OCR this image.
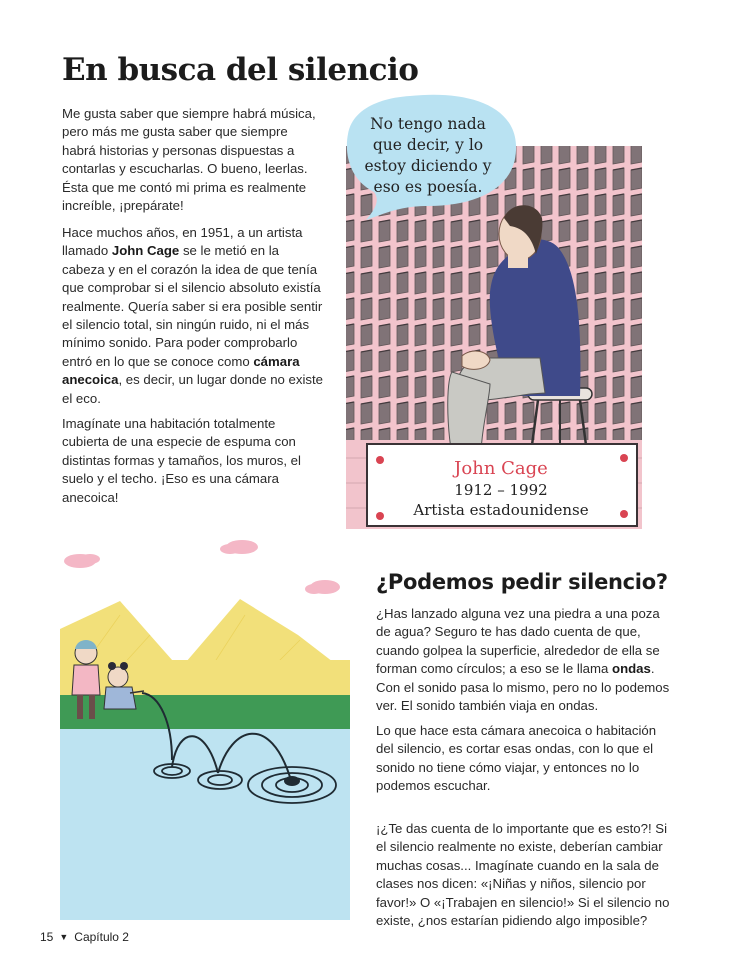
En busca del silencio

Me gusta saber que siempre habrá música, pero más me gusta saber que siempre habrá historias y personas dispuestas a contarlas y escucharlas. O bueno, leerlas. Ésta que me contó mi prima es realmente increíble, ¡prepárate!

Hace muchos años, en 1951, a un artista llamado John Cage se le metió en la cabeza y en el corazón la idea de que tenía que comprobar si el silencio absoluto existía realmente. Quería saber si era posible sentir el silencio total, sin ningún ruido, ni el más mínimo sonido. Para poder comprobarlo entró en lo que se conoce como cámara anecoica, es decir, un lugar donde no existe el eco.

Imagínate una habitación totalmente cubierta de una especie de espuma con distintas formas y tamaños, los muros, el suelo y el techo. ¡Eso es una cámara anecoica!

No tengo nada que decir, y lo estoy diciendo y eso es poesía.
John Cage
1912 – 1992
Artista estadounidense
¿Podemos pedir silencio?

¿Has lanzado alguna vez una piedra a una poza de agua? Seguro te has dado cuenta de que, cuando golpea la superficie, alrededor de ella se forman como círculos; a eso se le llama ondas. Con el sonido pasa lo mismo, pero no lo podemos ver. El sonido también viaja en ondas.

Lo que hace esta cámara anecoica o habitación del silencio, es cortar esas ondas, con lo que el sonido no tiene cómo viajar, y entonces no lo podemos escuchar.

¡¿Te das cuenta de lo importante que es esto?! Si el silencio realmente no existe, deberían cambiar muchas cosas... Imagínate cuando en la sala de clases nos dicen: «¡Niñas y niños, silencio por favor!» O «¡Trabajen en silencio!» Si el silencio no existe, ¿nos estarían pidiendo algo imposible?

15 ▼ Capítulo 2
